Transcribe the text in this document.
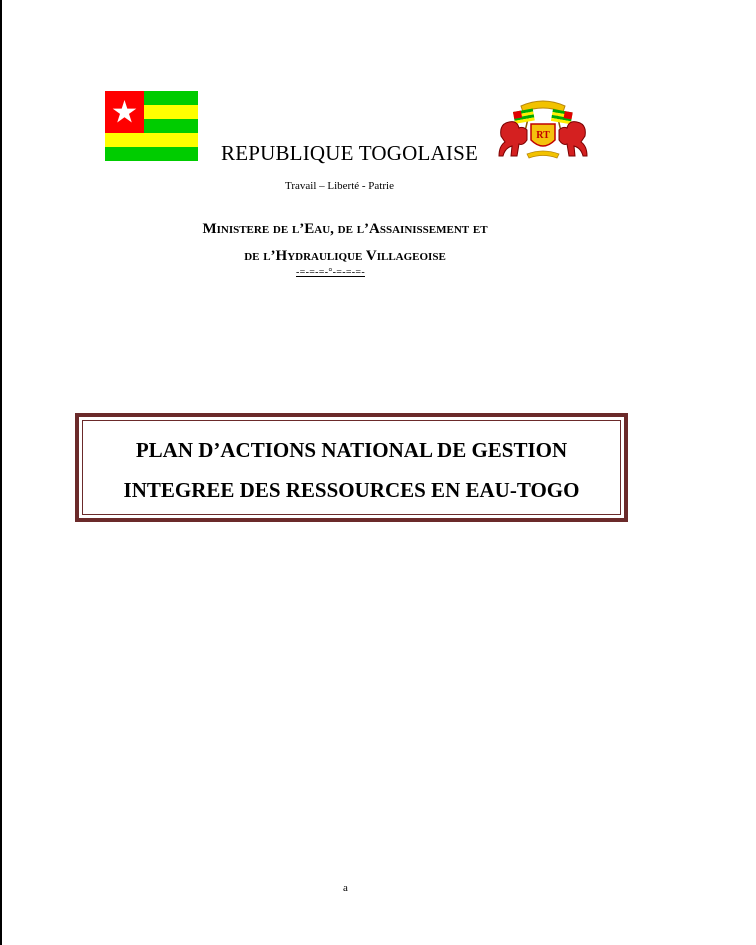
RT
REPUBLIQUE TOGOLAISE
Travail – Liberté - Patrie
Ministere de l’Eau, de l’Assainissement et
de l’Hydraulique Villageoise
-=-=-=-°-=-=-=-
PLAN D’ACTIONS NATIONAL DE GESTION
INTEGREE DES RESSOURCES EN EAU-TOGO
a
